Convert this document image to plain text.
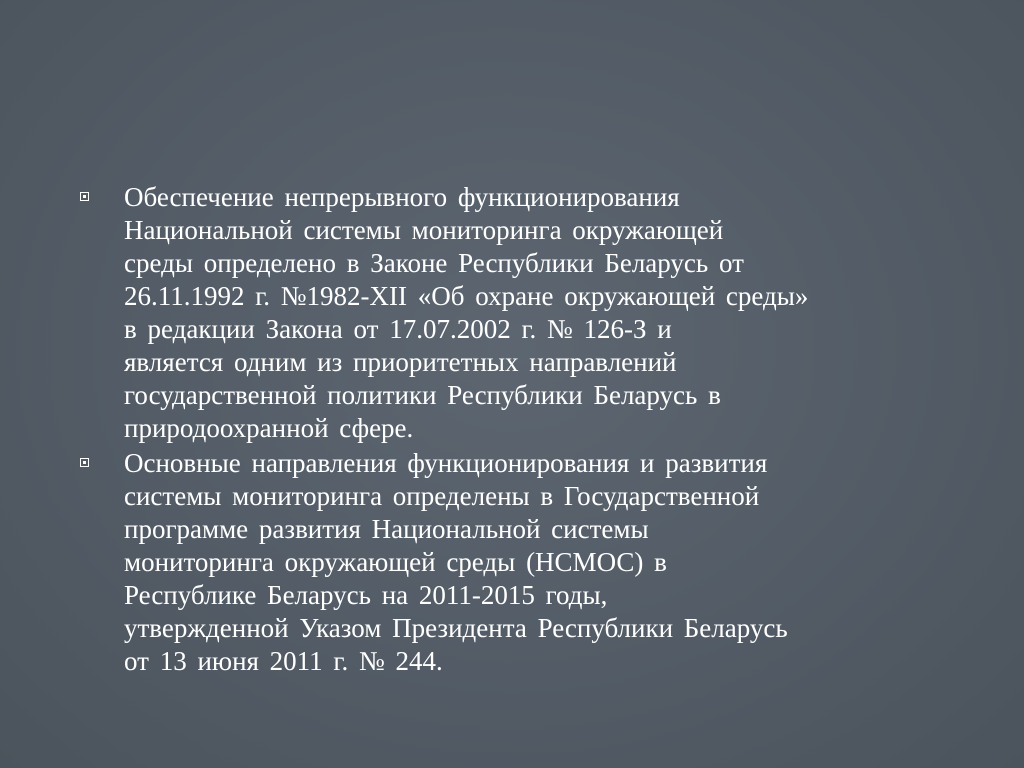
Обеспечение непрерывного функционирования
Национальной системы мониторинга окружающей
среды определено в Законе Республики Беларусь от
26.11.1992 г. №1982-XII «Об охране окружающей среды»
в редакции Закона от 17.07.2002 г. № 126-З и
является одним из приоритетных направлений
государственной политики Республики Беларусь в
природоохранной сфере.
Основные направления функционирования и развития
системы мониторинга определены в Государственной
программе развития Национальной системы
мониторинга окружающей среды (НСМОС) в
Республике Беларусь на 2011-2015 годы,
утвержденной Указом Президента Республики Беларусь
от 13 июня 2011 г. № 244.
